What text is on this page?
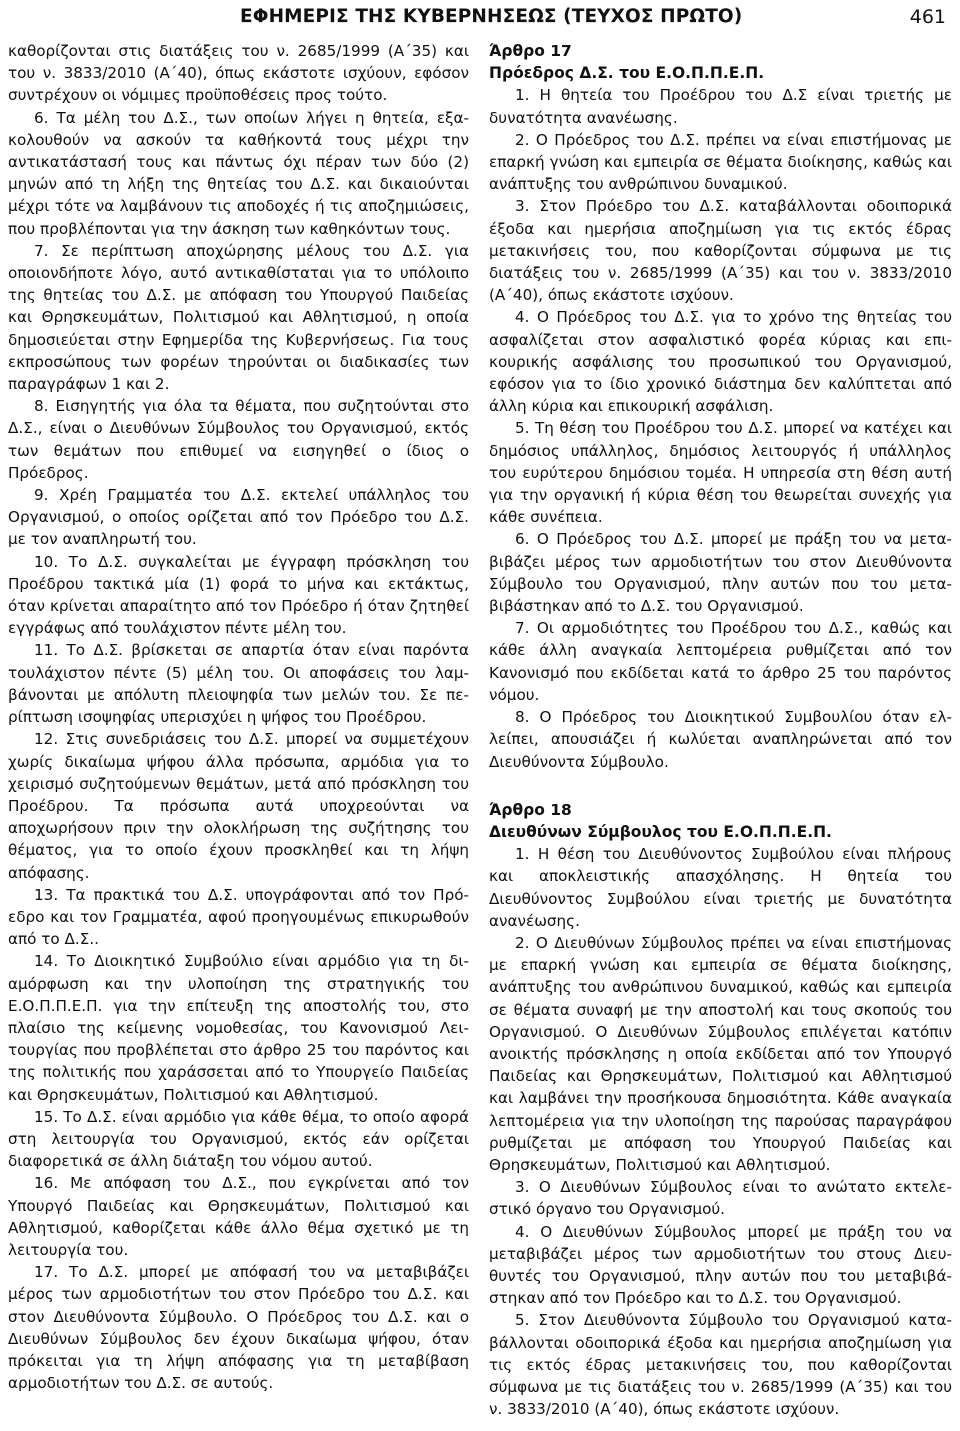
ΕΦΗΜΕΡΙΣ ΤΗΣ ΚΥΒΕΡΝΗΣΕΩΣ (ΤΕΥΧΟΣ ΠΡΩΤΟ)	461

καθορίζονται στις διατάξεις του ν. 2685/1999 (Α΄35) και του ν. 3833/2010 (Α΄40), όπως εκάστοτε ισχύουν, εφόσον συντρέχουν οι νόμιμες προϋποθέσεις προς τούτο.

6. Τα μέλη του Δ.Σ., των οποίων λήγει η θητεία, εξακολουθούν να ασκούν τα καθήκοντά τους μέχρι την αντικατάστασή τους και πάντως όχι πέραν των δύο (2) μηνών από τη λήξη της θητείας του Δ.Σ. και δικαιούνται μέχρι τότε να λαμβάνουν τις αποδοχές ή τις αποζημιώσεις, που προβλέπονται για την άσκηση των καθηκόντων τους.

7. Σε περίπτωση αποχώρησης μέλους του Δ.Σ. για οποιονδήποτε λόγο, αυτό αντικαθίσταται για το υπόλοιπο της θητείας του Δ.Σ. με απόφαση του Υπουργού Παιδείας και Θρησκευμάτων, Πολιτισμού και Αθλητισμού, η οποία δημοσιεύεται στην Εφημερίδα της Κυβερνήσεως. Για τους εκπροσώπους των φορέων τηρούνται οι διαδικασίες των παραγράφων 1 και 2.

8. Εισηγητής για όλα τα θέματα, που συζητούνται στο Δ.Σ., είναι ο Διευθύνων Σύμβουλος του Οργανισμού, εκτός των θεμάτων που επιθυμεί να εισηγηθεί ο ίδιος ο Πρόεδρος.

9. Χρέη Γραμματέα του Δ.Σ. εκτελεί υπάλληλος του Οργανισμού, ο οποίος ορίζεται από τον Πρόεδρο του Δ.Σ. με τον αναπληρωτή του.

10. Το Δ.Σ. συγκαλείται με έγγραφη πρόσκληση του Προέδρου τακτικά μία (1) φορά το μήνα και εκτάκτως, όταν κρίνεται απαραίτητο από τον Πρόεδρο ή όταν ζητηθεί εγγράφως από τουλάχιστον πέντε μέλη του.

11. Το Δ.Σ. βρίσκεται σε απαρτία όταν είναι παρόντα τουλάχιστον πέντε (5) μέλη του. Οι αποφάσεις του λαμβάνονται με απόλυτη πλειοψηφία των μελών του. Σε περίπτωση ισοψηφίας υπερισχύει η ψήφος του Προέδρου.

12. Στις συνεδριάσεις του Δ.Σ. μπορεί να συμμετέχουν χωρίς δικαίωμα ψήφου άλλα πρόσωπα, αρμόδια για το χειρισμό συζητούμενων θεμάτων, μετά από πρόσκληση του Προέδρου. Τα πρόσωπα αυτά υποχρεούνται να αποχωρήσουν πριν την ολοκλήρωση της συζήτησης του θέματος, για το οποίο έχουν προσκληθεί και τη λήψη απόφασης.

13. Τα πρακτικά του Δ.Σ. υπογράφονται από τον Πρόεδρο και τον Γραμματέα, αφού προηγουμένως επικυρωθούν από το Δ.Σ..

14. Το Διοικητικό Συμβούλιο είναι αρμόδιο για τη διαμόρφωση και την υλοποίηση της στρατηγικής του Ε.Ο.Π.Π.Ε.Π. για την επίτευξη της αποστολής του, στο πλαίσιο της κείμενης νομοθεσίας, του Κανονισμού Λειτουργίας που προβλέπεται στο άρθρο 25 του παρόντος και της πολιτικής που χαράσσεται από το Υπουργείο Παιδείας και Θρησκευμάτων, Πολιτισμού και Αθλητισμού.

15. Το Δ.Σ. είναι αρμόδιο για κάθε θέμα, το οποίο αφορά στη λειτουργία του Οργανισμού, εκτός εάν ορίζεται διαφορετικά σε άλλη διάταξη του νόμου αυτού.

16. Με απόφαση του Δ.Σ., που εγκρίνεται από τον Υπουργό Παιδείας και Θρησκευμάτων, Πολιτισμού και Αθλητισμού, καθορίζεται κάθε άλλο θέμα σχετικό με τη λειτουργία του.

17. Το Δ.Σ. μπορεί με απόφασή του να μεταβιβάζει μέρος των αρμοδιοτήτων του στον Πρόεδρο του Δ.Σ. και στον Διευθύνοντα Σύμβουλο. Ο Πρόεδρος του Δ.Σ. και ο Διευθύνων Σύμβουλος δεν έχουν δικαίωμα ψήφου, όταν πρόκειται για τη λήψη απόφασης για τη μεταβίβαση αρμοδιοτήτων του Δ.Σ. σε αυτούς.

Άρθρο 17

Πρόεδρος Δ.Σ. του Ε.Ο.Π.Π.Ε.Π.

1. Η θητεία του Προέδρου του Δ.Σ είναι τριετής με δυνατότητα ανανέωσης.

2. Ο Πρόεδρος του Δ.Σ. πρέπει να είναι επιστήμονας με επαρκή γνώση και εμπειρία σε θέματα διοίκησης, καθώς και ανάπτυξης του ανθρώπινου δυναμικού.

3. Στον Πρόεδρο του Δ.Σ. καταβάλλονται οδοιπορικά έξοδα και ημερήσια αποζημίωση για τις εκτός έδρας μετακινήσεις του, που καθορίζονται σύμφωνα με τις διατάξεις του ν. 2685/1999 (Α΄35) και του ν. 3833/2010 (Α΄40), όπως εκάστοτε ισχύουν.

4. Ο Πρόεδρος του Δ.Σ. για το χρόνο της θητείας του ασφαλίζεται στον ασφαλιστικό φορέα κύριας και επικουρικής ασφάλισης του προσωπικού του Οργανισμού, εφόσον για το ίδιο χρονικό διάστημα δεν καλύπτεται από άλλη κύρια και επικουρική ασφάλιση.

5. Τη θέση του Προέδρου του Δ.Σ. μπορεί να κατέχει και δημόσιος υπάλληλος, δημόσιος λειτουργός ή υπάλληλος του ευρύτερου δημόσιου τομέα. Η υπηρεσία στη θέση αυτή για την οργανική ή κύρια θέση του θεωρείται συνεχής για κάθε συνέπεια.

6. Ο Πρόεδρος του Δ.Σ. μπορεί με πράξη του να μεταβιβάζει μέρος των αρμοδιοτήτων του στον Διευθύνοντα Σύμβουλο του Οργανισμού, πλην αυτών που του μεταβιβάστηκαν από το Δ.Σ. του Οργανισμού.

7. Οι αρμοδιότητες του Προέδρου του Δ.Σ., καθώς και κάθε άλλη αναγκαία λεπτομέρεια ρυθμίζεται από τον Κανονισμό που εκδίδεται κατά το άρθρο 25 του παρόντος νόμου.

8. Ο Πρόεδρος του Διοικητικού Συμβουλίου όταν ελλείπει, απουσιάζει ή κωλύεται αναπληρώνεται από τον Διευθύνοντα Σύμβουλο.

Άρθρο 18

Διευθύνων Σύμβουλος του Ε.Ο.Π.Π.Ε.Π.

1. Η θέση του Διευθύνοντος Συμβούλου είναι πλήρους και αποκλειστικής απασχόλησης. Η θητεία του Διευθύνοντος Συμβούλου είναι τριετής με δυνατότητα ανανέωσης.

2. Ο Διευθύνων Σύμβουλος πρέπει να είναι επιστήμονας με επαρκή γνώση και εμπειρία σε θέματα διοίκησης, ανάπτυξης του ανθρώπινου δυναμικού, καθώς και εμπειρία σε θέματα συναφή με την αποστολή και τους σκοπούς του Οργανισμού. Ο Διευθύνων Σύμβουλος επιλέγεται κατόπιν ανοικτής πρόσκλησης η οποία εκδίδεται από τον Υπουργό Παιδείας και Θρησκευμάτων, Πολιτισμού και Αθλητισμού και λαμβάνει την προσήκουσα δημοσιότητα. Κάθε αναγκαία λεπτομέρεια για την υλοποίηση της παρούσας παραγράφου ρυθμίζεται με απόφαση του Υπουργού Παιδείας και Θρησκευμάτων, Πολιτισμού και Αθλητισμού.

3. Ο Διευθύνων Σύμβουλος είναι το ανώτατο εκτελεστικό όργανο του Οργανισμού.

4. Ο Διευθύνων Σύμβουλος μπορεί με πράξη του να μεταβιβάζει μέρος των αρμοδιοτήτων του στους Διευθυντές του Οργανισμού, πλην αυτών που του μεταβιβάστηκαν από τον Πρόεδρο και το Δ.Σ. του Οργανισμού.

5. Στον Διευθύνοντα Σύμβουλο του Οργανισμού καταβάλλονται οδοιπορικά έξοδα και ημερήσια αποζημίωση για τις εκτός έδρας μετακινήσεις του, που καθορίζονται σύμφωνα με τις διατάξεις του ν. 2685/1999 (Α΄35) και του ν. 3833/2010 (Α΄40), όπως εκάστοτε ισχύουν.
